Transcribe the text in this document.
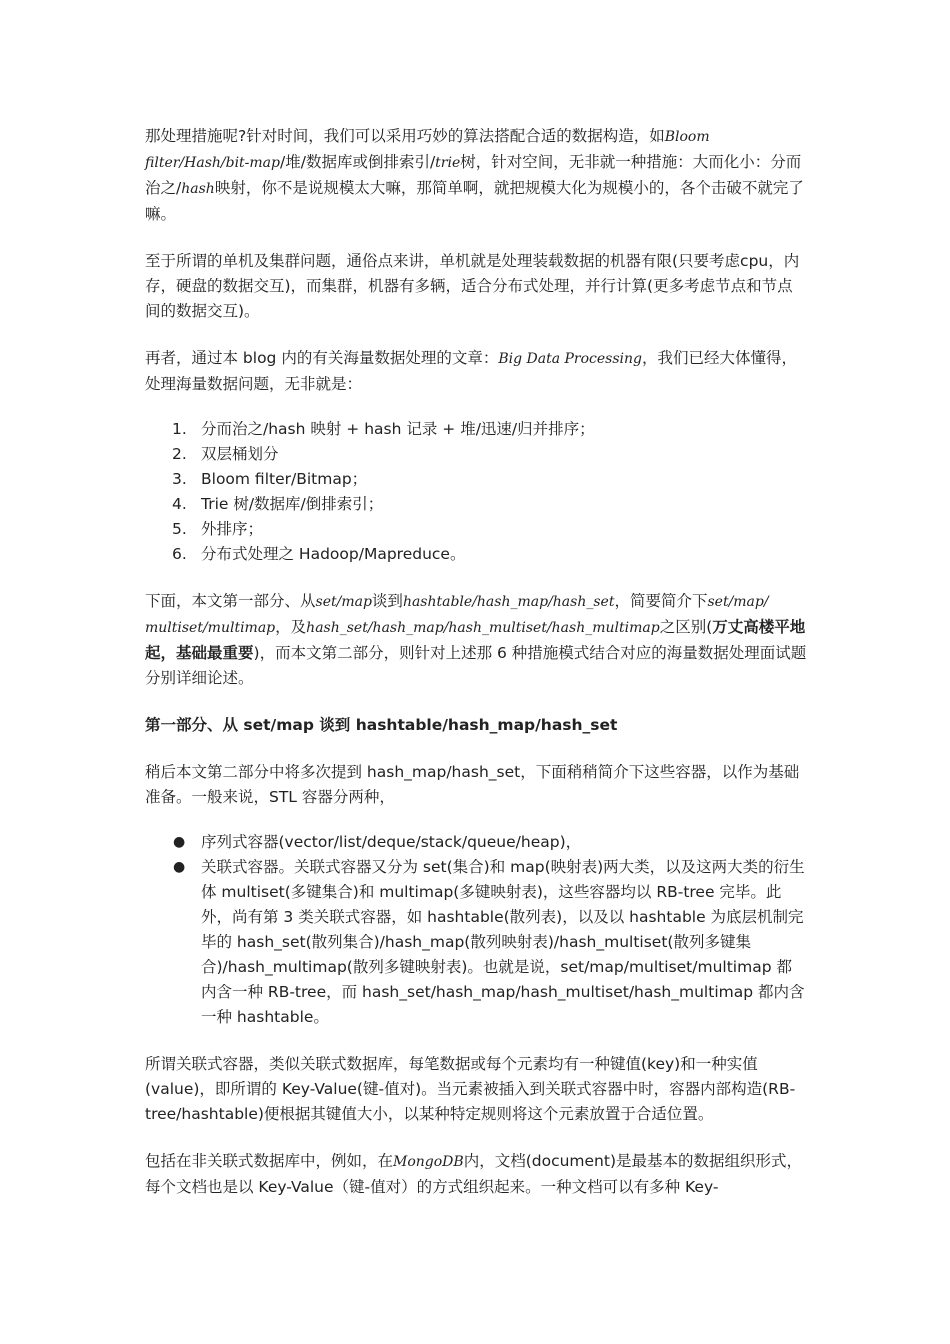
那处理措施呢?针对时间，我们可以采用巧妙的算法搭配合适的数据构造，如Bloom filter/Hash/bit-map/堆/数据库或倒排索引/trie树，针对空间，无非就一种措施：大而化小：分而治之/hash映射，你不是说规模太大嘛，那简单啊，就把规模大化为规模小的，各个击破不就完了嘛。

至于所谓的单机及集群问题，通俗点来讲，单机就是处理装载数据的机器有限(只要考虑cpu，内存，硬盘的数据交互)，而集群，机器有多辆，适合分布式处理，并行计算(更多考虑节点和节点间的数据交互)。

再者，通过本 blog 内的有关海量数据处理的文章：Big Data Processing，我们已经大体懂得，处理海量数据问题，无非就是：

1. 分而治之/hash 映射 + hash 记录 + 堆/迅速/归并排序；
2. 双层桶划分
3. Bloom filter/Bitmap；
4. Trie 树/数据库/倒排索引；
5. 外排序；
6. 分布式处理之 Hadoop/Mapreduce。

下面，本文第一部分、从set/map谈到hashtable/hash_map/hash_set，简要简介下set/map/ multiset/multimap，及hash_set/hash_map/hash_multiset/hash_multimap之区别(万丈高楼平地起，基础最重要)，而本文第二部分，则针对上述那 6 种措施模式结合对应的海量数据处理面试题分别详细论述。

第一部分、从 set/map 谈到 hashtable/hash_map/hash_set

稍后本文第二部分中将多次提到 hash_map/hash_set，下面稍稍简介下这些容器，以作为基础准备。一般来说，STL 容器分两种，

● 序列式容器(vector/list/deque/stack/queue/heap)，
● 关联式容器。关联式容器又分为 set(集合)和 map(映射表)两大类，以及这两大类的衍生体 multiset(多键集合)和 multimap(多键映射表)，这些容器均以 RB-tree 完毕。此外，尚有第 3 类关联式容器，如 hashtable(散列表)，以及以 hashtable 为底层机制完毕的 hash_set(散列集合)/hash_map(散列映射表)/hash_multiset(散列多键集合)/hash_multimap(散列多键映射表)。也就是说，set/map/multiset/multimap 都内含一种 RB-tree，而 hash_set/hash_map/hash_multiset/hash_multimap 都内含一种 hashtable。

所谓关联式容器，类似关联式数据库，每笔数据或每个元素均有一种键值(key)和一种实值(value)，即所谓的 Key-Value(键-值对)。当元素被插入到关联式容器中时，容器内部构造(RB-tree/hashtable)便根据其键值大小，以某种特定规则将这个元素放置于合适位置。

包括在非关联式数据库中，例如，在MongoDB内，文档(document)是最基本的数据组织形式，每个文档也是以 Key-Value（键-值对）的方式组织起来。一种文档可以有多种 Key-
